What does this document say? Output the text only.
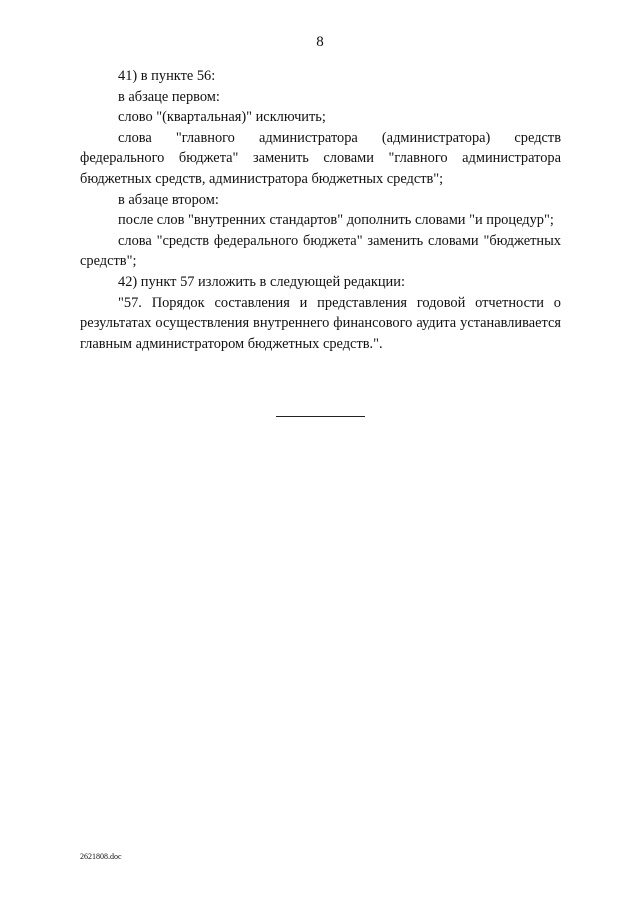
8

41) в пункте 56:

в абзаце первом:

слово "(квартальная)" исключить;

слова "главного администратора (администратора) средств федерального бюджета" заменить словами "главного администратора бюджетных средств, администратора бюджетных средств";

в абзаце втором:

после слов "внутренних стандартов" дополнить словами "и процедур";

слова "средств федерального бюджета" заменить словами "бюджетных средств";

42) пункт 57 изложить в следующей редакции:

"57. Порядок составления и представления годовой отчетности о результатах осуществления внутреннего финансового аудита устанавливается главным администратором бюджетных средств.".

2621808.doc
